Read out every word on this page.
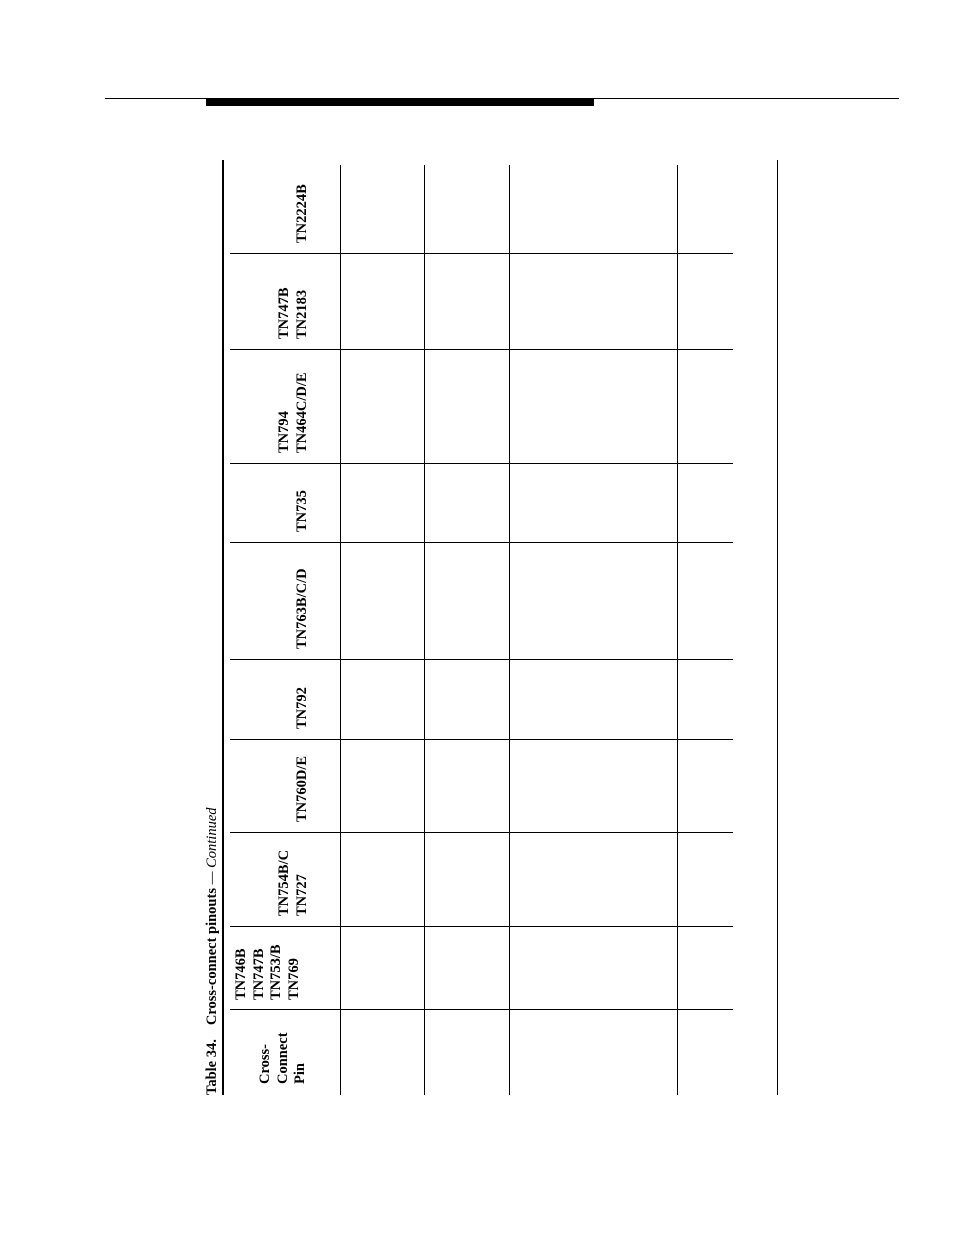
Table 34.Cross-connect pinouts — Continued
Cross- Connect Pin
TN746B TN747B TN753/B TN769
TN754B/C TN727
TN760D/E
TN792
TN763B/C/D
TN735
TN794 TN464C/D/E
TN747B TN2183
TN2224B
